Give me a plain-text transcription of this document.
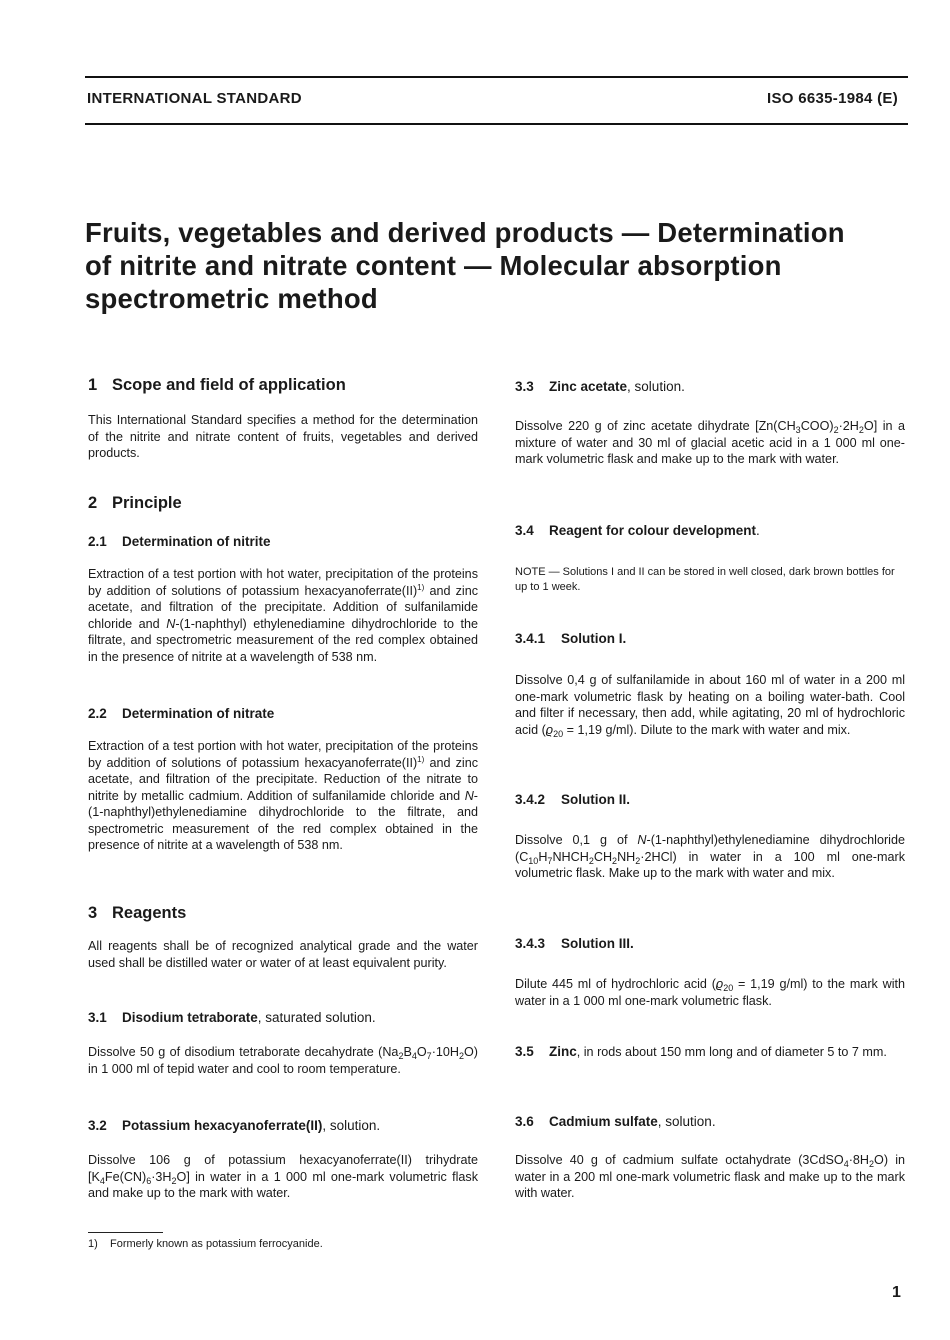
INTERNATIONAL STANDARD	ISO 6635-1984 (E)
Fruits, vegetables and derived products — Determination
of nitrite and nitrate content — Molecular absorption
spectrometric method
1 Scope and field of application
This International Standard specifies a method for the determination of the nitrite and nitrate content of fruits, vegetables and derived products.
2 Principle
2.1 Determination of nitrite
Extraction of a test portion with hot water, precipitation of the proteins by addition of solutions of potassium hexacyanoferrate(II)$^{1)}$ and zinc acetate, and filtration of the precipitate. Addition of sulfanilamide chloride and N-(1-naphthyl) ethylenediamine dihydrochloride to the filtrate, and spectrometric measurement of the red complex obtained in the presence of nitrite at a wavelength of 538 nm.
2.2 Determination of nitrate
Extraction of a test portion with hot water, precipitation of the proteins by addition of solutions of potassium hexacyanoferrate(II)$^{1)}$ and zinc acetate, and filtration of the precipitate. Reduction of the nitrate to nitrite by metallic cadmium. Addition of sulfanilamide chloride and N-(1-naphthyl)ethylenediamine dihydrochloride to the filtrate, and spectrometric measurement of the red complex obtained in the presence of nitrite at a wavelength of 538 nm.
3 Reagents
All reagents shall be of recognized analytical grade and the water used shall be distilled water or water of at least equivalent purity.
3.1 Disodium tetraborate, saturated solution.
Dissolve 50 g of disodium tetraborate decahydrate $(Na_2B_4O_7\cdot 10H_2O)$ in 1 000 ml of tepid water and cool to room temperature.
3.2 Potassium hexacyanoferrate(II), solution.
Dissolve 106 g of potassium hexacyanoferrate(II) trihydrate $[K_4Fe(CN)_6\cdot 3H_2O]$ in water in a 1 000 ml one-mark volumetric flask and make up to the mark with water.
3.3 Zinc acetate, solution.
Dissolve 220 g of zinc acetate dihydrate $[Zn(CH_3COO)_2\cdot 2H_2O]$ in a mixture of water and 30 ml of glacial acetic acid in a 1 000 ml one-mark volumetric flask and make up to the mark with water.
3.4 Reagent for colour development.
NOTE — Solutions I and II can be stored in well closed, dark brown bottles for up to 1 week.
3.4.1 Solution I.
Dissolve 0,4 g of sulfanilamide in about 160 ml of water in a 200 ml one-mark volumetric flask by heating on a boiling water-bath. Cool and filter if necessary, then add, while agitating, 20 ml of hydrochloric acid ($ϱ_{20} = 1,19$ g/ml). Dilute to the mark with water and mix.
3.4.2 Solution II.
Dissolve 0,1 g of N-(1-naphthyl)ethylenediamine dihydrochloride $(C_{10}H_7NHCH_2CH_2NH_2\cdot 2HCl)$ in water in a 100 ml one-mark volumetric flask. Make up to the mark with water and mix.
3.4.3 Solution III.
Dilute 445 ml of hydrochloric acid ($ϱ_{20} = 1,19$ g/ml) to the mark with water in a 1 000 ml one-mark volumetric flask.
3.5 Zinc, in rods about 150 mm long and of diameter 5 to 7 mm.
3.6 Cadmium sulfate, solution.
Dissolve 40 g of cadmium sulfate octahydrate $(3CdSO_4\cdot 8H_2O)$ in water in a 200 ml one-mark volumetric flask and make up to the mark with water.
1) Formerly known as potassium ferrocyanide.
1
